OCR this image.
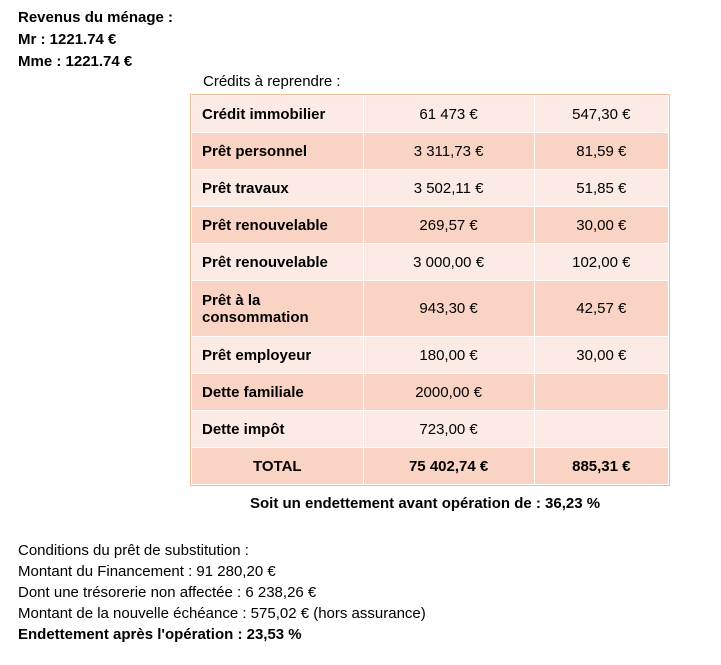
Revenus du ménage :
Mr : 1221.74 €
Mme : 1221.74 €
Crédits à reprendre :
Crédit immobilier	61 473 €	547,30 €
Prêt personnel	3 311,73 €	81,59 €
Prêt travaux	3 502,11 €	51,85 €
Prêt renouvelable	269,57 €	30,00 €
Prêt renouvelable	3 000,00 €	102,00 €
Prêt à la consommation	943,30 €	42,57 €
Prêt employeur	180,00 €	30,00 €
Dette familiale	2000,00 €	
Dette impôt	723,00 €	
TOTAL	75 402,74 €	885,31 €
Soit un endettement avant opération de : 36,23 %
Conditions du prêt de substitution :
Montant du Financement : 91 280,20 €
Dont une trésorerie non affectée : 6 238,26 €
Montant de la nouvelle échéance : 575,02 € (hors assurance)
Endettement après l'opération : 23,53 %
